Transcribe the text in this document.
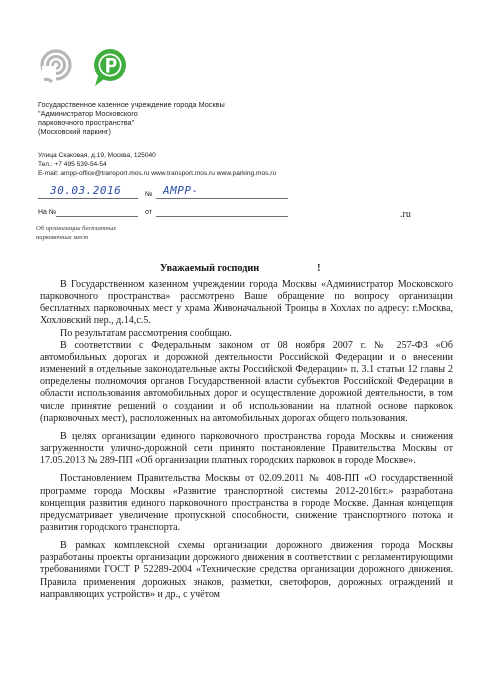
Государственное казенное учреждение города Москвы
"Администратор Московского
парковочного пространства"
(Московский паркинг)
Улица Скаковая, д.19, Москва, 125040
Тел.: +7 495 539-54-54
E-mail: ampp-office@transport.mos.ru www.transport.mos.ru www.parking.mos.ru
30.03.2016	№ АМРР-
На №	от	.ru
Об организации бесплатных
парковочных мест
Уважаемый господин	!

В Государственном казенном учреждении города Москвы «Администратор Московского парковочного пространства» рассмотрено Ваше обращение по вопросу организации бесплатных парковочных мест у храма Живоначальной Троицы в Хохлах по адресу: г.Москва, Хохловский пер., д.14,с.5.

По результатам рассмотрения сообщаю.

В соответствии с Федеральным законом от 08 ноября 2007 г. № 257-ФЗ «Об автомобильных дорогах и дорожной деятельности Российской Федерации и о внесении изменений в отдельные законодательные акты Российской Федерации» п. 3.1 статьи 12 главы 2 определены полномочия органов Государственной власти субъектов Российской Федерации в области использования автомобильных дорог и осуществление дорожной деятельности, в том числе принятие решений о создании и об использовании на платной основе парковок (парковочных мест), расположенных на автомобильных дорогах общего пользования.

В целях организации единого парковочного пространства города Москвы и снижения загруженности улично-дорожной сети принято постановление Правительства Москвы от 17.05.2013 № 289-ПП «Об организации платных городских парковок в городе Москве».

Постановлением Правительства Москвы от 02.09.2011 № 408-ПП «О государственной программе города Москвы «Развитие транспортной системы 2012-2016гг.» разработана концепция развития единого парковочного пространства в городе Москве. Данная концепция предусматривает увеличение пропускной способности, снижение транспортного потока и развития городского транспорта.

В рамках комплексной схемы организации дорожного движения города Москвы разработаны проекты организации дорожного движения в соответствии с регламентирующими требованиями ГОСТ Р 52289-2004 «Технические средства организации дорожного движения. Правила применения дорожных знаков, разметки, светофоров, дорожных ограждений и направляющих устройств» и др., с учётом
